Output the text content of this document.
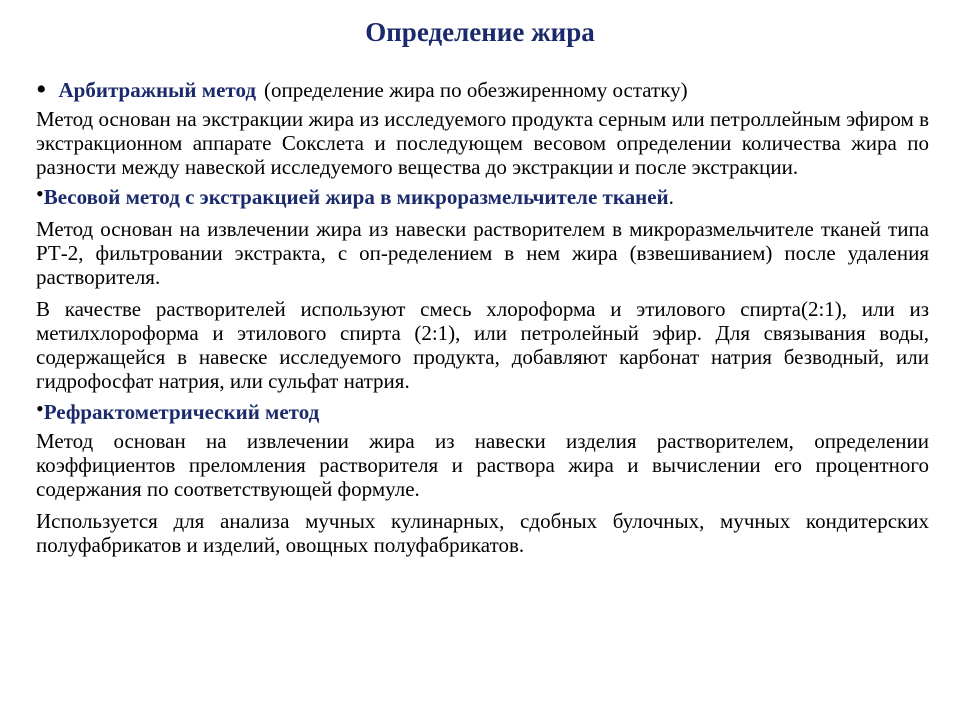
Определение жира
• Арбитражный метод (определение жира по обезжиренному остатку)
Метод основан на экстракции жира из исследуемого продукта серным или петроллейным эфиром в экстракционном аппарате Сокслета и последующем весовом определении количества жира по разности между навеской исследуемого вещества до экстракции и после экстракции.
•Весовой метод с экстракцией жира в микроразмельчителе тканей.
Метод основан на извлечении жира из навески растворителем в микроразмельчителе тканей типа РТ-2, фильтровании экстракта, с оп-ределением в нем жира (взвешиванием) после удаления растворителя.
В качестве растворителей используют смесь хлороформа и этилового спирта(2:1), или из метилхлороформа и этилового спирта (2:1), или петролейный эфир. Для связывания воды, содержащейся в навеске исследуемого продукта, добавляют карбонат натрия безводный, или гидрофосфат натрия, или сульфат натрия.
•Рефрактометрический метод
Метод основан на извлечении жира из навески изделия растворителем, определении коэффициентов преломления растворителя и раствора жира и вычислении его процентного содержания по соответствующей формуле.
Используется для анализа мучных кулинарных, сдобных булочных, мучных кондитерских полуфабрикатов и изделий, овощных полуфабрикатов.
